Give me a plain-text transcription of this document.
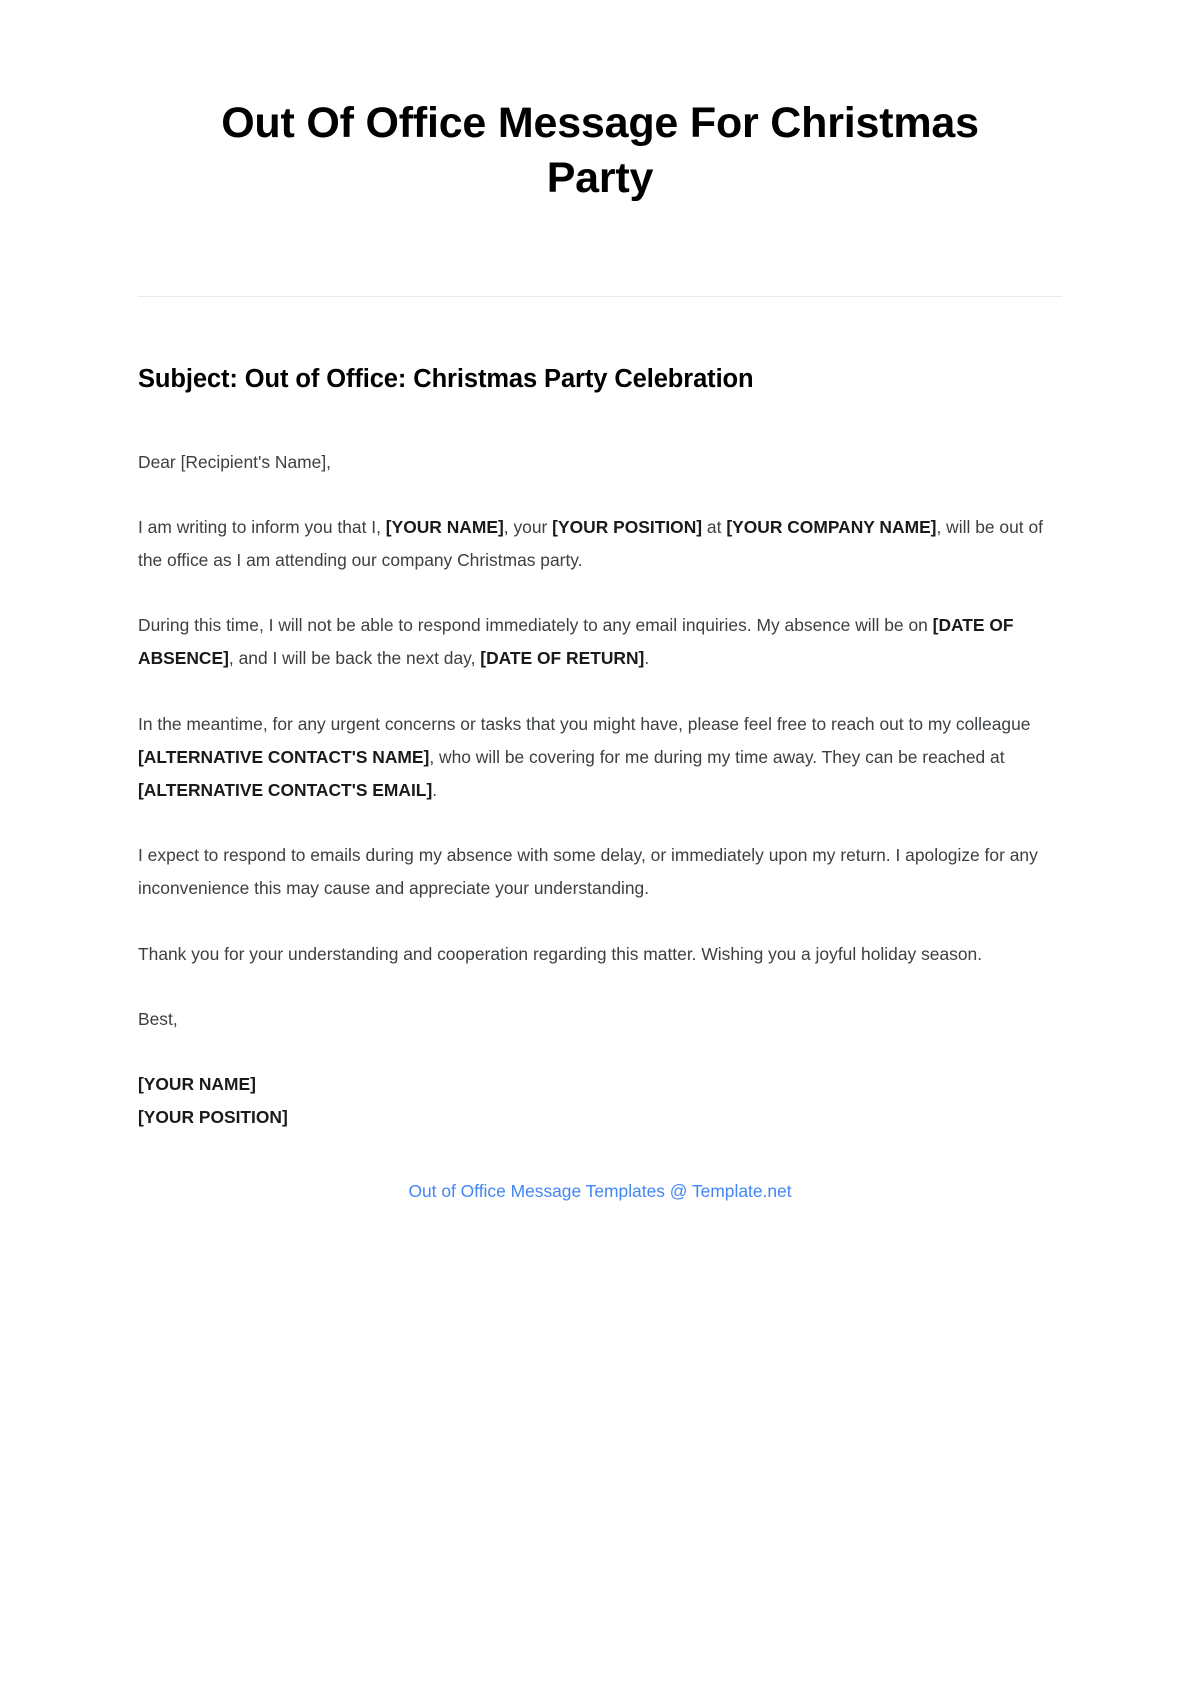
Out Of Office Message For Christmas Party
Subject: Out of Office: Christmas Party Celebration

Dear [Recipient's Name],

I am writing to inform you that I, [YOUR NAME], your [YOUR POSITION] at [YOUR COMPANY NAME], will be out of the office as I am attending our company Christmas party.

During this time, I will not be able to respond immediately to any email inquiries. My absence will be on [DATE OF ABSENCE], and I will be back the next day, [DATE OF RETURN].

In the meantime, for any urgent concerns or tasks that you might have, please feel free to reach out to my colleague [ALTERNATIVE CONTACT'S NAME], who will be covering for me during my time away. They can be reached at [ALTERNATIVE CONTACT'S EMAIL].

I expect to respond to emails during my absence with some delay, or immediately upon my return. I apologize for any inconvenience this may cause and appreciate your understanding.

Thank you for your understanding and cooperation regarding this matter. Wishing you a joyful holiday season.

Best,

[YOUR NAME]

[YOUR POSITION]

Out of Office Message Templates @ Template.net
